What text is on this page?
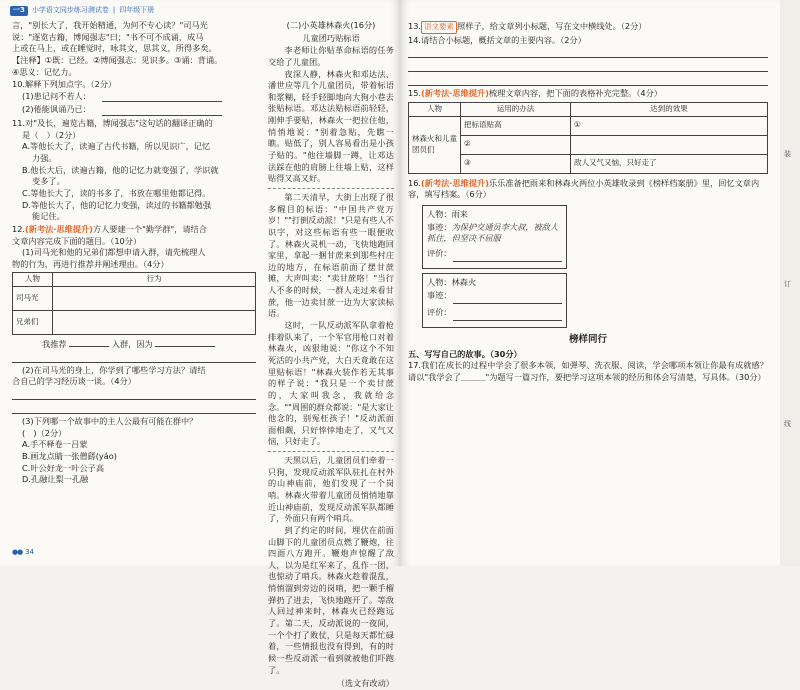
一3	小学语文同步练习测试卷 | 四年级下册

言，"别长大了，我开始精通，为何不专心读？"司马光

说："逐览古籍，博闻强志"曰；"书不可不成诵，成马

上或在马上，或在睡觉时，咏其文，思其义，所得多矣。

【注释】①既：已经。②博闻强志：见识多。③诵：背诵。

④思义：记忆力。

10.解释下列加点字。（2分）

(1)患记问不若人：

(2)倦能讽诵乃已：

11.对"及长，遍览古籍，博闻强志"这句话的翻译正确的

是（　）（2分）

A.等他长大了，读遍了古代书籍，所以见识广，记忆

力强。

B.他长大后，读遍古籍，他的记忆力就变强了，学识就

变多了。

C.等他长大了，读的书多了，书放在哪里他都记得。

D.等他长大了，他的记忆力变强，读过的书籍都勉强

能记住。

12.(新考法·思维提升)方人要建一个"勤学群"，请结合

文章内容完成下面的题目。（10分）

(1)司马光和他的兄弟们都想申请入群，请先梳理人

物的行为，再进行推荐并阐述理由。（4分）

人物	行为
司马光	
兄弟们	

我推荐	入群，因为

(2)在司马光的身上，你学到了哪些学习方法？请结

合自己的学习经历谈一谈。（4分）

(3)下列哪一个故事中的主人公最有可能在群中？

(　)（2分）

A.手不释卷一吕蒙

B.画龙点睛一张僧繇(yáo)

C.叶公好龙一叶公子高

D.孔融让梨一孔融

(二)小英雄林森火(16分)

儿童团巧贴标语

李老师让你贴革命标语的任务交给了儿童团。

夜深人静，林森火和邓达法、潘世应等几个儿童团员，带着标语和浆糊，轻手轻脚地向大狗小巷去张贴标语。邓达法贴标语前轻轻，刚伸手要贴，林森火一把拉住他，悄悄地说："别着急贴，先瞧一瞧。贴低了，别人容易看出是小孩子贴的。"他往墙脚一蹲，让邓达法踩在他的肩膀上往墙上贴，这样贴得又高又好。

第二天清早，大街上出现了很多醒目的标语："中国共产党万岁！""打倒反动派！"只是有些人不识字，对这些标语有些一眼便收了。林森火灵机一动，飞快地跑回家里，拿起一捆甘蔗来到那些村庄边的地方，在标语前面了摆甘蔗摊，大声叫卖："卖甘蔗咯！"当行人不多的时候，一群人走过来看甘蔗，他一边卖甘蔗一边为大家读标语。

这时，一队反动派军队拿着枪排着队来了，一个军官用枪口对着林森火，凶狠地说："你这个不知死活的小共产党，大白天竟敢在这里贴标语！"林森火装作若无其事的样子说："我只是一个卖甘蔗的，大家叫我念，我就给念念。""周围的群众都说："是大家让他念的，别冤枉孩子！"反动派面面相觑，只好悻悻地走了，又气又恼，只好走了。

天黑以后，儿童团员们牵着一只狗，发现反动派军队驻扎在村外的山神庙前，他们发现了一个岗哨。林森火带着儿童团员悄悄地靠近山神庙前，发现反动派军队都睡了，外面只有两个哨兵。

到了约定的时间，埋伏在前面山脚下的儿童团员点燃了鞭炮，往四面八方跑开。鞭炮声惊醒了敌人，以为是红军来了，乱作一团，也惊动了哨兵。林森火趁着混乱，悄悄溜到旁边的岗哨，把一颗手榴弹扔了进去，飞快地跑开了。等敌人回过神来时，林森火已经跑远了。第二天，反动派说的一夜间，一个个打了败仗，只是每天都忙碌着，一些情报也没有得到，有的时候一些反动派一看到就被他们吓跑了。

（选文有改动）

●● 34

13. 语文要素 照样子，给文章列小标题，写在文中横线处。（2分）

14.请结合小标题，概括文章的主要内容。（2分）

15.(新考法·思维提升)梳理文章内容，把下面的表格补充完整。（4分）

人物	运用的办法	达到的效果
林森火和儿童团员们	把标语贴高	①
	②	
	③	敌人又气又恼，只好走了

16.(新考法·思维提升)乐乐准备把雨来和林森火两位小英雄收录到《榜样档案册》里，回忆文章内容，填写档案。（6分）

人物：雨来
事迹：为保护交通员李大叔，被敌人抓住，但坚决不屈服
评价：
人物：林森火
事迹：
评价：

榜样同行

五、写写自己的故事。（30分）

17.我们在成长的过程中学会了很多本领，如弹琴、洗衣服、阅读，学会哪项本领让你最有成就感？请以"我学会了＿＿＿"为题写一篇习作，要把学习这项本领的经历和体会写清楚，写具体。（30分）

装
订
线
